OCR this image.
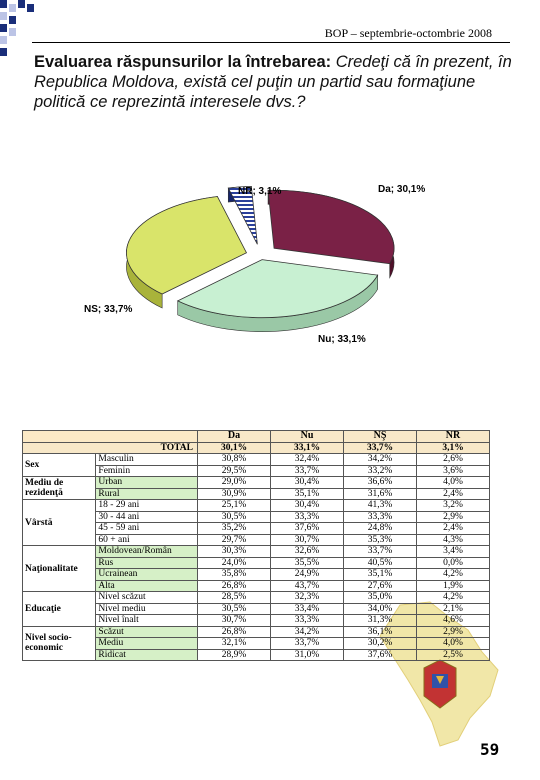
BOP – septembrie-octombrie 2008
Evaluarea răspunsurilor la întrebarea: Credeţi că în prezent, în Republica Moldova, există cel puţin un partid sau formaţiune politică ce reprezintă interesele dvs.?
Da; 30,1%
Nu; 33,1%
NS; 33,7%
NR; 3,1%
		Da	Nu	NŞ	NR
TOTAL		30,1%	33,1%	33,7%	3,1%
Sex	Masculin	30,8%	32,4%	34,2%	2,6%
	Feminin	29,5%	33,7%	33,2%	3,6%
Mediu de rezidenţă	Urban	29,0%	30,4%	36,6%	4,0%
	Rural	30,9%	35,1%	31,6%	2,4%
Vârstă	18 - 29 ani	25,1%	30,4%	41,3%	3,2%
	30 - 44 ani	30,5%	33,3%	33,3%	2,9%
	45 - 59 ani	35,2%	37,6%	24,8%	2,4%
	60 + ani	29,7%	30,7%	35,3%	4,3%
Naţionalitate	Moldovean/Român	30,3%	32,6%	33,7%	3,4%
	Rus	24,0%	35,5%	40,5%	0,0%
	Ucrainean	35,8%	24,9%	35,1%	4,2%
	Alta	26,8%	43,7%	27,6%	1,9%
Educaţie	Nivel scăzut	28,5%	32,3%	35,0%	4,2%
	Nivel mediu	30,5%	33,4%	34,0%	2,1%
	Nivel înalt	30,7%	33,3%	31,3%	4,6%
Nivel socio-economic	Scăzut	26,8%	34,2%	36,1%	2,9%
	Mediu	32,1%	33,7%	30,2%	4,0%
	Ridicat	28,9%	31,0%	37,6%	2,5%
59
